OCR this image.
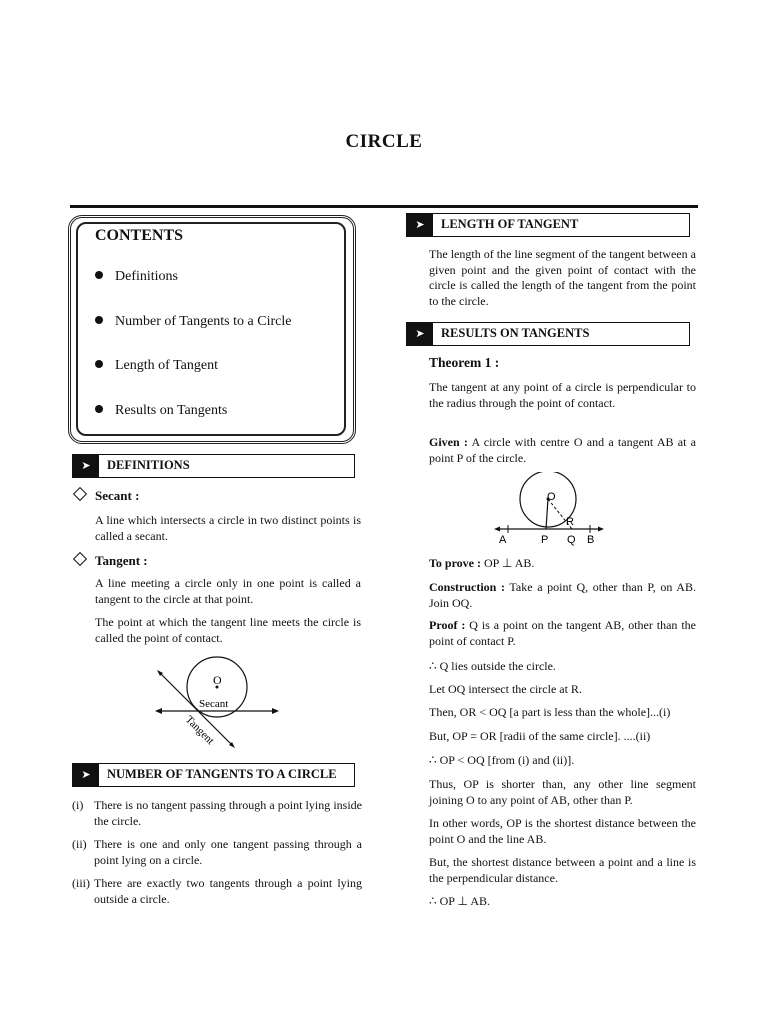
CIRCLE
CONTENTS
Definitions
Number of Tangents to a Circle
Length of Tangent
Results on Tangents
➤	DEFINITIONS
Secant :
A line which intersects a circle in two distinct points is called a secant.
Tangent :
A line meeting a circle only in one point is called a tangent to the circle at that point.
The point at which the tangent line meets the circle is called the point of contact.
O
Secant
Tangent
➤	NUMBER OF TANGENTS TO A CIRCLE
(i) There is no tangent passing through a point lying inside the circle.
(ii) There is one and only one tangent passing through a point lying on a circle.
(iii) There are exactly two tangents through a point lying outside a circle.
➤	LENGTH OF TANGENT
The length of the line segment of the tangent between a given point and the given point of contact with the circle is called the length of the tangent from the point to the circle.
➤	RESULTS ON TANGENTS
Theorem 1 :
The tangent at any point of a circle is perpendicular to the radius through the point of contact.
Given : A circle with centre O and a tangent AB at a point P of the circle.
O
R
A	P Q B
To prove : OP ⊥ AB.
Construction : Take a point Q, other than P, on AB. Join OQ.
Proof : Q is a point on the tangent AB, other than the point of contact P.
∴ Q lies outside the circle.
Let OQ intersect the circle at R.
Then, OR < OQ [a part is less than the whole]...(i)
But, OP = OR [radii of the same circle]. ....(ii)
∴ OP < OQ [from (i) and (ii)].
Thus, OP is shorter than, any other line segment joining O to any point of AB, other than P.
In other words, OP is the shortest distance between the point O and the line AB.
But, the shortest distance between a point and a line is the perpendicular distance.
∴ OP ⊥ AB.
